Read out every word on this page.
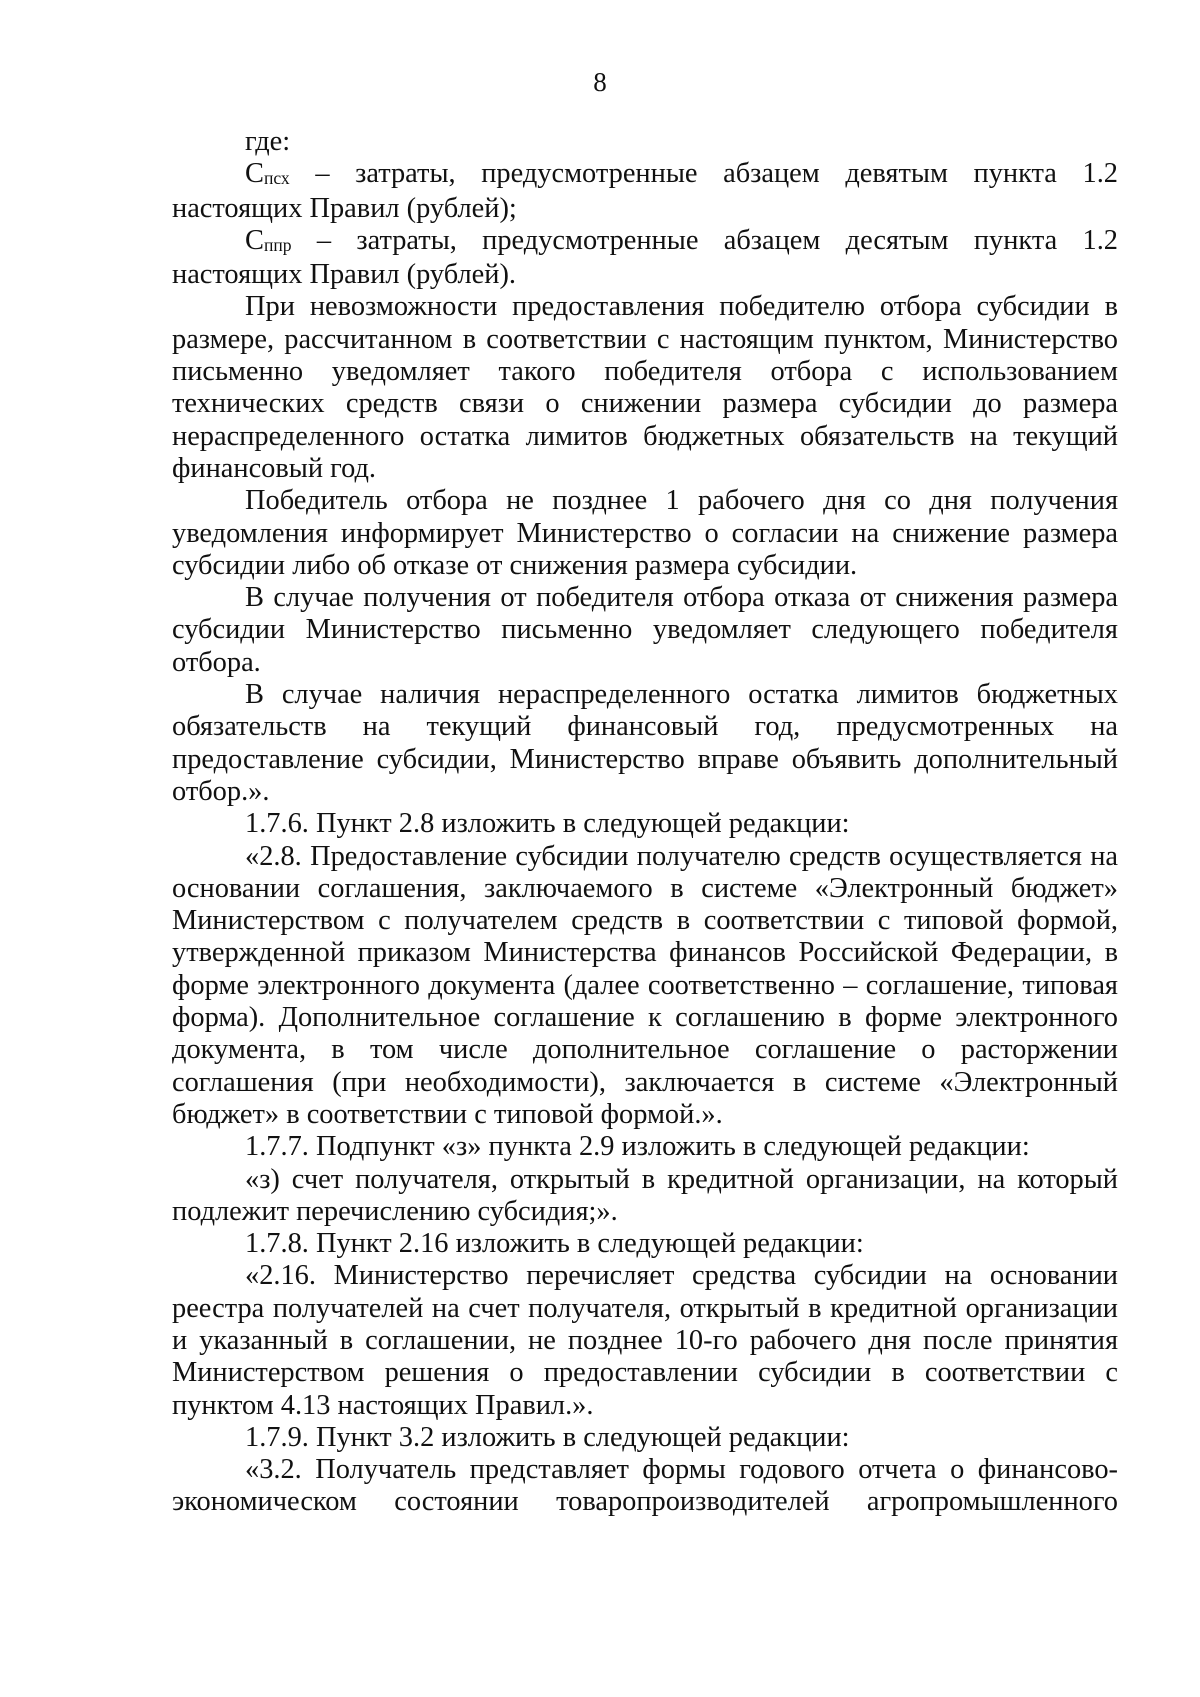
8

где:

Спсх – затраты, предусмотренные абзацем девятым пункта 1.2 настоящих Правил (рублей);

Сппр – затраты, предусмотренные абзацем десятым пункта 1.2 настоящих Правил (рублей).

При невозможности предоставления победителю отбора субсидии в размере, рассчитанном в соответствии с настоящим пунктом, Министерство письменно уведомляет такого победителя отбора с использованием технических средств связи о снижении размера субсидии до размера нераспределенного остатка лимитов бюджетных обязательств на текущий финансовый год.

Победитель отбора не позднее 1 рабочего дня со дня получения уведомления информирует Министерство о согласии на снижение размера субсидии либо об отказе от снижения размера субсидии.

В случае получения от победителя отбора отказа от снижения размера субсидии Министерство письменно уведомляет следующего победителя отбора.

В случае наличия нераспределенного остатка лимитов бюджетных обязательств на текущий финансовый год, предусмотренных на предоставление субсидии, Министерство вправе объявить дополнительный отбор.».

1.7.6. Пункт 2.8 изложить в следующей редакции:

«2.8. Предоставление субсидии получателю средств осуществляется на основании соглашения, заключаемого в системе «Электронный бюджет» Министерством с получателем средств в соответствии с типовой формой, утвержденной приказом Министерства финансов Российской Федерации, в форме электронного документа (далее соответственно – соглашение, типовая форма). Дополнительное соглашение к соглашению в форме электронного документа, в том числе дополнительное соглашение о расторжении соглашения (при необходимости), заключается в системе «Электронный бюджет» в соответствии с типовой формой.».

1.7.7. Подпункт «з» пункта 2.9 изложить в следующей редакции:

«з) счет получателя, открытый в кредитной организации, на который подлежит перечислению субсидия;».

1.7.8. Пункт 2.16 изложить в следующей редакции:

«2.16. Министерство перечисляет средства субсидии на основании реестра получателей на счет получателя, открытый в кредитной организации и указанный в соглашении, не позднее 10-го рабочего дня после принятия Министерством решения о предоставлении субсидии в соответствии с пунктом 4.13 настоящих Правил.».

1.7.9. Пункт 3.2 изложить в следующей редакции:

«3.2. Получатель представляет формы годового отчета о финансово-экономическом состоянии товаропроизводителей агропромышленного
